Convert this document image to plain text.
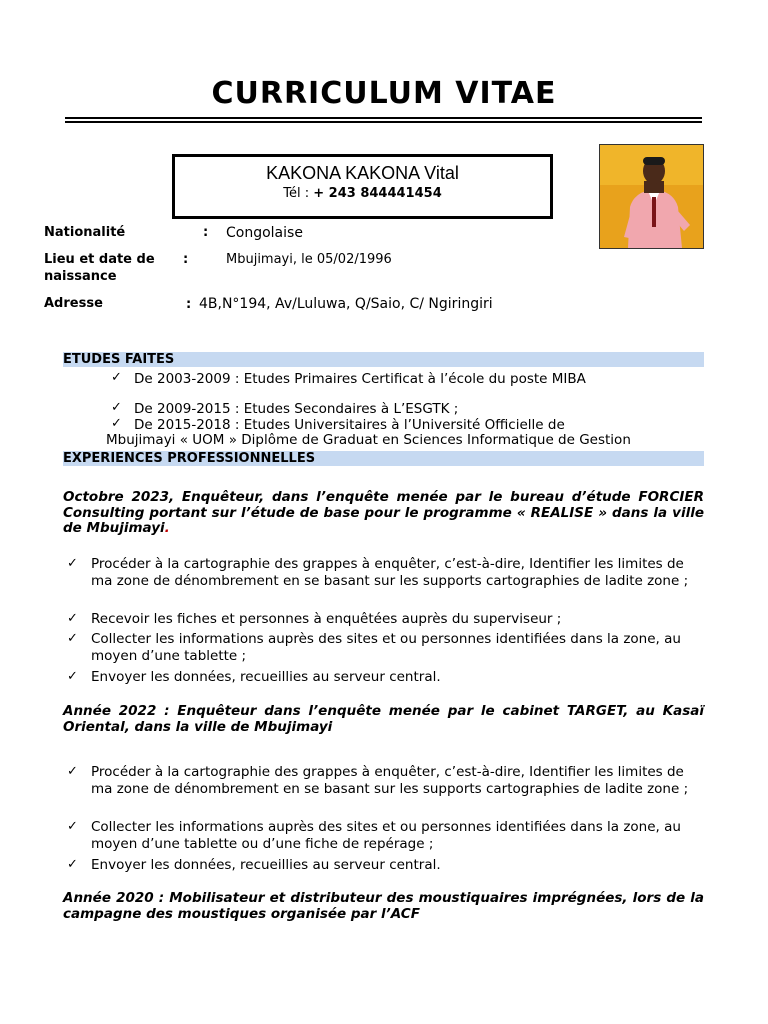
CURRICULUM VITAE
KAKONA KAKONA Vital
Tél : + 243 844441454
Nationalité	: Congolaise
Lieu et date de
naissance
:	Mbujimayi, le 05/02/1996
Adresse	: 4B,N°194, Av/Luluwa, Q/Saio, C/ Ngiringiri
ETUDES FAITES
✓ De 2003-2009 : Etudes Primaires Certificat à l’école du poste MIBA
✓ De 2009-2015 : Etudes Secondaires à L’ESGTK ;
✓ De 2015-2018 : Etudes Universitaires à l’Université Officielle de
Mbujimayi « UOM » Diplôme de Graduat en Sciences Informatique de Gestion
EXPERIENCES PROFESSIONNELLES
Octobre 2023, Enquêteur, dans l’enquête menée par le bureau d’étude FORCIER Consulting portant sur l’étude de base pour le programme « REALISE » dans la ville de Mbujimayi.
✓ Procéder à la cartographie des grappes à enquêter, c’est-à-dire, Identifier les limites de ma zone de dénombrement en se basant sur les supports cartographies de ladite zone ;
✓ Recevoir les fiches et personnes à enquêtées auprès du superviseur ;
✓ Collecter les informations auprès des sites et ou personnes identifiées dans la zone, au moyen d’une tablette ;
✓ Envoyer les données, recueillies au serveur central.
Année 2022 : Enquêteur dans l’enquête menée par le cabinet TARGET, au Kasaï Oriental, dans la ville de Mbujimayi
✓ Procéder à la cartographie des grappes à enquêter, c’est-à-dire, Identifier les limites de ma zone de dénombrement en se basant sur les supports cartographies de ladite zone ;
✓ Collecter les informations auprès des sites et ou personnes identifiées dans la zone, au moyen d’une tablette ou d’une fiche de repérage ;
✓ Envoyer les données, recueillies au serveur central.
Année 2020 : Mobilisateur et distributeur des moustiquaires imprégnées, lors de la campagne des moustiques organisée par l’ACF
